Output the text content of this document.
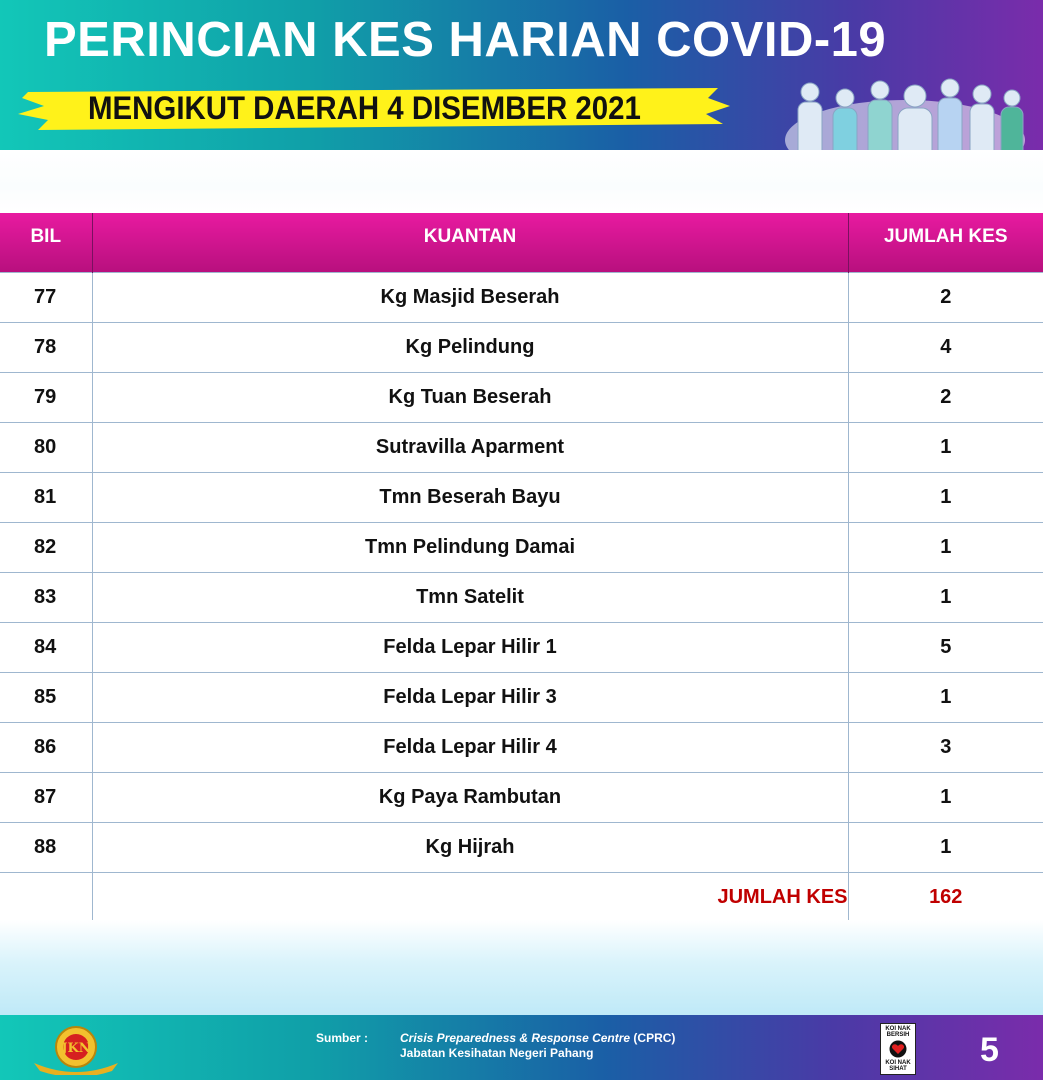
PERINCIAN KES HARIAN COVID-19
MENGIKUT DAERAH 4 DISEMBER 2021
BIL	KUANTAN	JUMLAH KES
77	Kg Masjid Beserah	2
78	Kg Pelindung	4
79	Kg Tuan Beserah	2
80	Sutravilla Aparment	1
81	Tmn Beserah Bayu	1
82	Tmn Pelindung Damai	1
83	Tmn Satelit	1
84	Felda Lepar Hilir 1	5
85	Felda Lepar Hilir 3	1
86	Felda Lepar Hilir 4	3
87	Kg Paya Rambutan	1
88	Kg Hijrah	1

	JUMLAH KES	162
JKN
Sumber :	Crisis Preparedness & Response Centre (CPRC)
Jabatan Kesihatan Negeri Pahang
KOI NAK BERSIH
KOI NAK SIHAT 5
